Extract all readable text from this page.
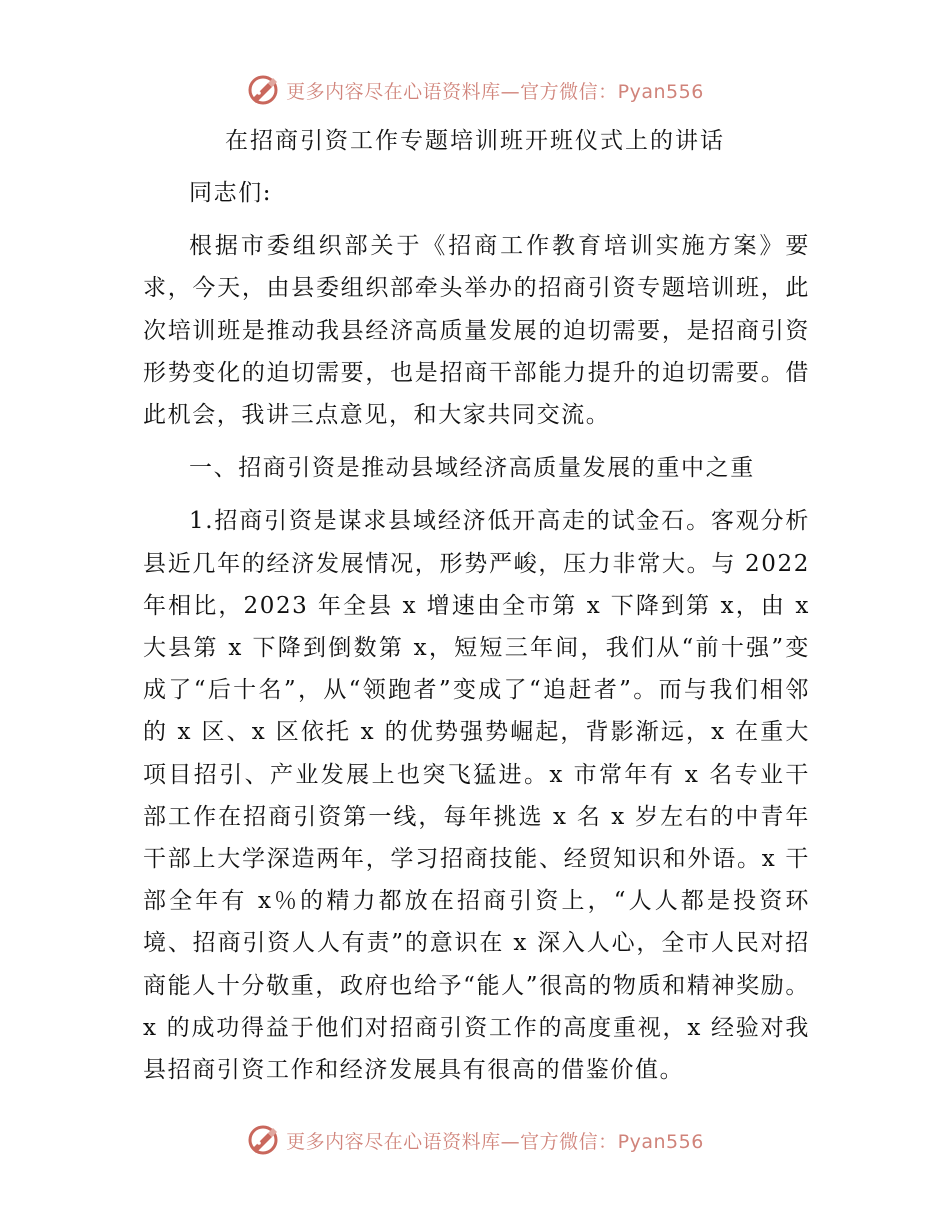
更多内容尽在心语资料库—官方微信：Pyan556
在招商引资工作专题培训班开班仪式上的讲话

同志们:

根据市委组织部关于《招商工作教育培训实施方案》要求，今天，由县委组织部牵头举办的招商引资专题培训班，此次培训班是推动我县经济高质量发展的迫切需要，是招商引资形势变化的迫切需要，也是招商干部能力提升的迫切需要。借此机会，我讲三点意见，和大家共同交流。

一、招商引资是推动县域经济高质量发展的重中之重

1.招商引资是谋求县域经济低开高走的试金石。客观分析县近几年的经济发展情况，形势严峻，压力非常大。与 2022年相比，2023 年全县 x 增速由全市第 x 下降到第 x，由 x 大县第 x 下降到倒数第 x，短短三年间，我们从“前十强”变成了“后十名”，从“领跑者”变成了“追赶者”。而与我们相邻的 x 区、x 区依托 x 的优势强势崛起，背影渐远，x 在重大项目招引、产业发展上也突飞猛进。x 市常年有 x 名专业干部工作在招商引资第一线，每年挑选 x 名 x 岁左右的中青年干部上大学深造两年，学习招商技能、经贸知识和外语。x 干部全年有 x％的精力都放在招商引资上，“人人都是投资环境、招商引资人人有责”的意识在 x 深入人心，全市人民对招商能人十分敬重，政府也给予“能人”很高的物质和精神奖励。x 的成功得益于他们对招商引资工作的高度重视，x 经验对我县招商引资工作和经济发展具有很高的借鉴价值。

更多内容尽在心语资料库—官方微信：Pyan556
